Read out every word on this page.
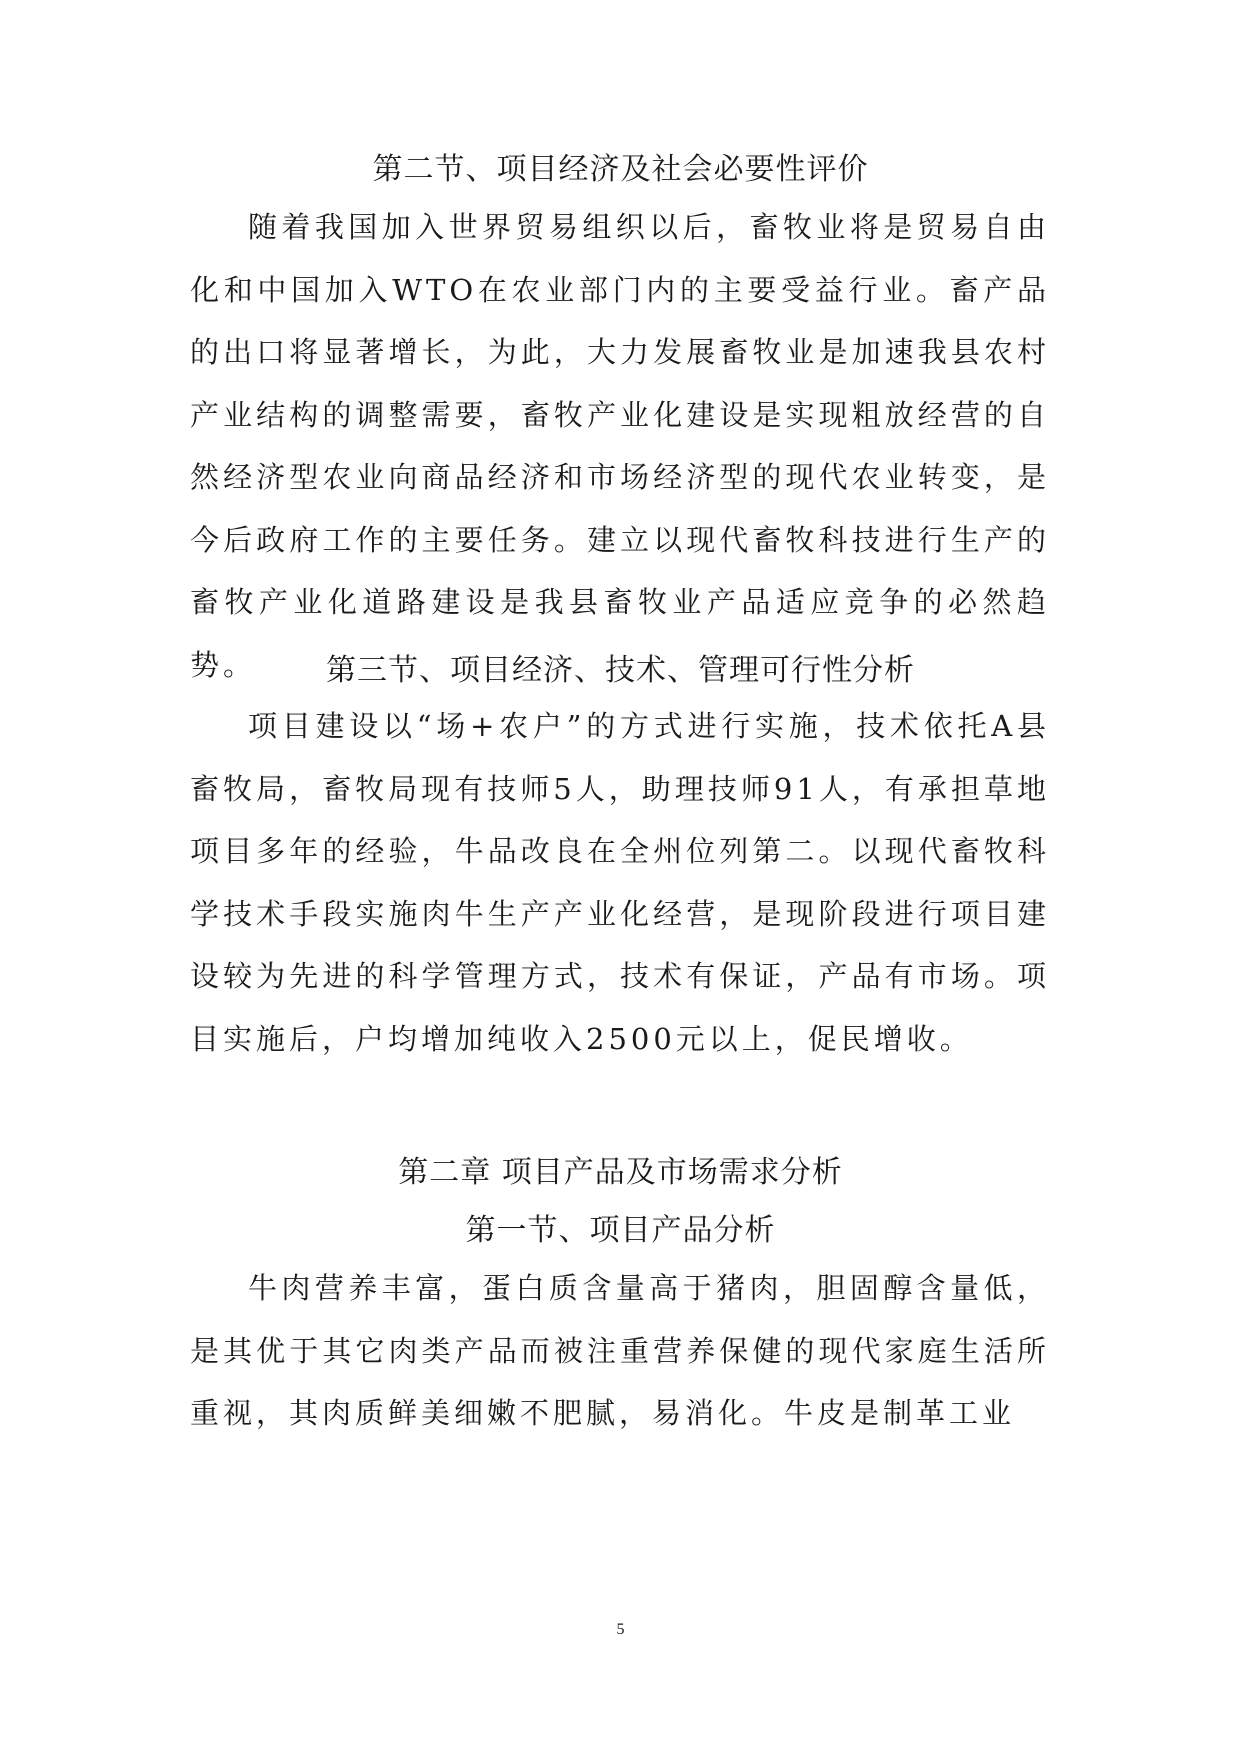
第二节、项目经济及社会必要性评价

随着我国加入世界贸易组织以后，畜牧业将是贸易自由化和中国加入WTO在农业部门内的主要受益行业。畜产品的出口将显著增长，为此，大力发展畜牧业是加速我县农村产业结构的调整需要，畜牧产业化建设是实现粗放经营的自然经济型农业向商品经济和市场经济型的现代农业转变，是今后政府工作的主要任务。建立以现代畜牧科技进行生产的畜牧产业化道路建设是我县畜牧业产品适应竞争的必然趋势。	第三节、项目经济、技术、管理可行性分析

项目建设以“场+农户”的方式进行实施，技术依托A县畜牧局，畜牧局现有技师5人，助理技师91人，有承担草地项目多年的经验，牛品改良在全州位列第二。以现代畜牧科学技术手段实施肉牛生产产业化经营，是现阶段进行项目建设较为先进的科学管理方式，技术有保证，产品有市场。项目实施后，户均增加纯收入2500元以上，促民增收。

第二章 项目产品及市场需求分析
第一节、项目产品分析

牛肉营养丰富，蛋白质含量高于猪肉，胆固醇含量低，是其优于其它肉类产品而被注重营养保健的现代家庭生活所重视，其肉质鲜美细嫩不肥腻，易消化。牛皮是制革工业

5
